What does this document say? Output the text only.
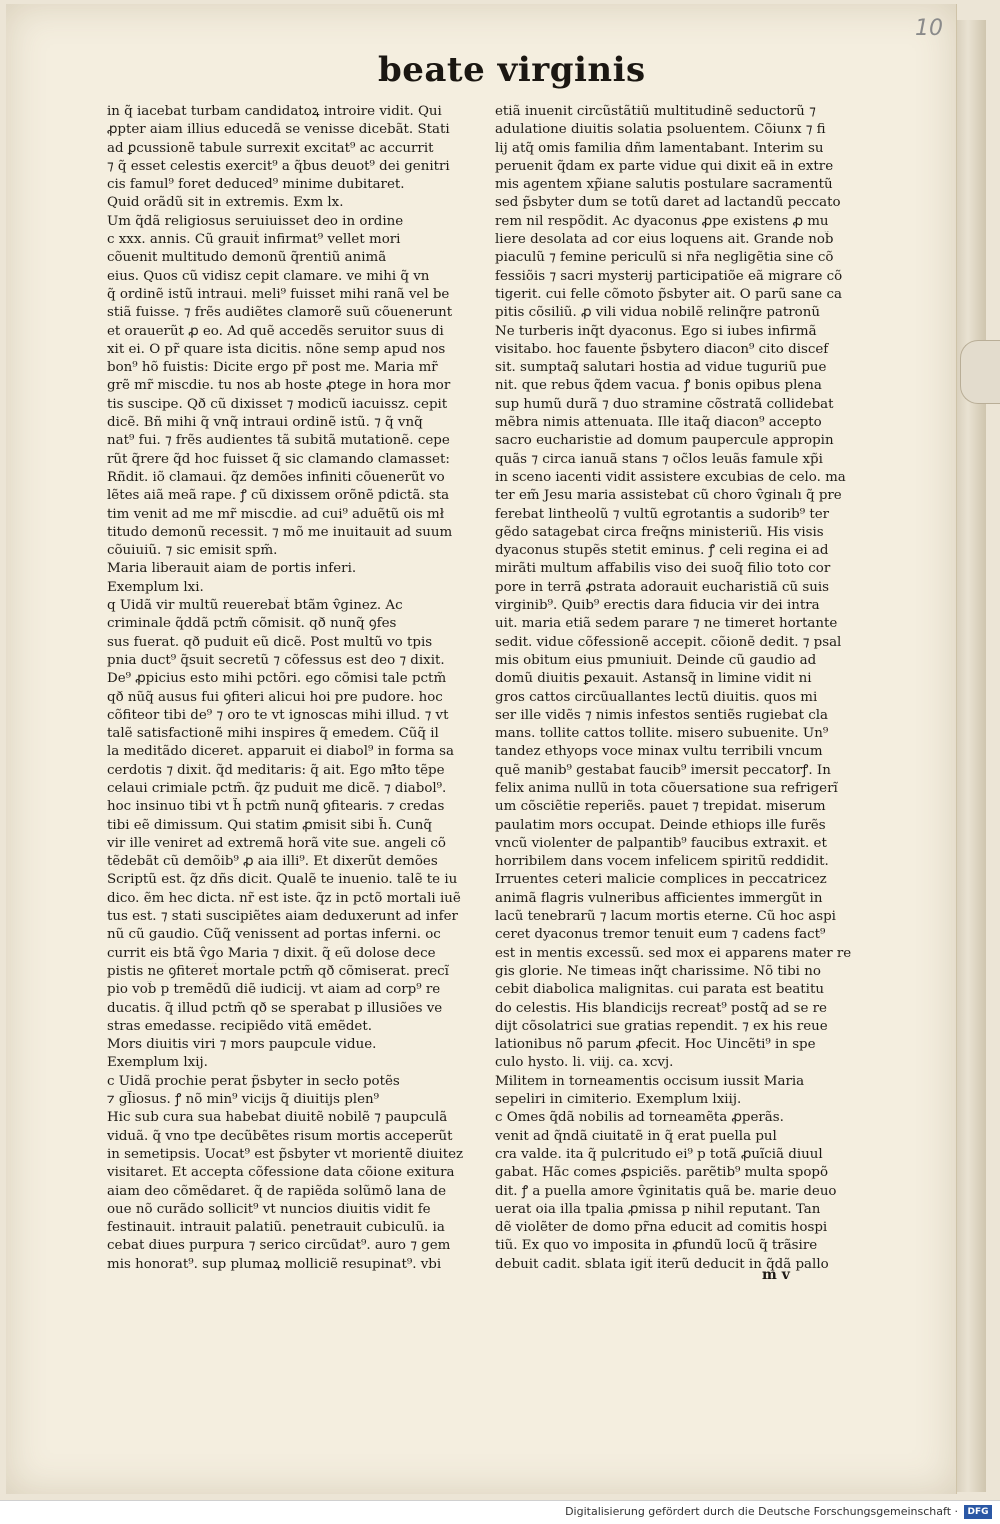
10
beate virginis
in q̃ iacebat turbam candidatoꝝ introire vidit. Qui
ꝓpter aiam illius educedã se venisse dicebãt. Stati
ad ꝑcussionẽ tabule surrexit excitat⁹ ac accurrit
⁊ q̃ esset celestis exercit⁹ a q̃bus deuot⁹ dei genitri
cis famul⁹ foret deduced⁹ minime dubitaret.
Quid orãdũ sit in extremis. Exm lx.
Um q̃dã religiosus seruiuisset deo in ordine
c xxx. annis. Cũ grauit̃ infirmat⁹ vellet mori
cõuenit multitudo demonũ q̃rentiũ animã
eius. Quos cũ vidisz cepit clamare. ve mihi q̃ vn
q̃ ordinẽ istũ intraui. meli⁹ fuisset mihi ranã vel be
stiã fuisse. ⁊ frẽs audiẽtes clamorẽ suũ cõuenerunt
et orauerũt ꝓ eo. Ad quẽ accedẽs seruitor suus di
xit ei. O pr̃ quare ista dicitis. nõne semp apud nos
bon⁹ hõ fuistis: Dicite ergo pr̃ post me. Maria mr̃
grẽ mr̃ miscdie. tu nos ab hoste ꝓtege in hora mor
tis suscipe. Qð cũ dixisset ⁊ modicũ iacuissz. cepit
dicẽ. Bñ mihi q̃ vnq̃ intraui ordinẽ istũ. ⁊ q̃ vnq̃
nat⁹ fui. ⁊ frẽs audientes tã subitã mutationẽ. cepe
rũt q̃rere q̃d hoc fuisset q̃ sic clamando clamasset:
Rñdit. iõ clamaui. q̃z demões infiniti cõuenerũt vo
lẽtes aiã meã rape. ꝭ cũ dixissem orõnẽ pdictã. sta
tim venit ad me mr̃ miscdie. ad cui⁹ aduẽtũ ois mł
titudo demonũ recessit. ⁊ mõ me inuitauit ad suum
cõuiuiũ. ⁊ sic emisit spm̃.
Maria liberauit aiam de portis inferi.
Exemplum lxi.
q Uidã vir multũ reuerebat̃ btãm v̑ginez. Ac
criminale q̃ddã pctm̃ cõmisit. qð nunq̃ ꝯfes
sus fuerat. qð puduit eũ dicẽ. Post multũ vo tpis
pnia duct⁹ q̃suit secretũ ⁊ cõfessus est deo ⁊ dixit.
De⁹ ꝓpicius esto mihi pctõri. ego cõmisi tale pctm̃
qð nũq̃ ausus fui ꝯfiteri alicui hoi pre pudore. hoc
cõfiteor tibi de⁹ ⁊ oro te vt ignoscas mihi illud. ⁊ vt
talẽ satisfactionẽ mihi inspires q̃ emedem. Cũq̃ il
la meditãdo diceret. apparuit ei diabol⁹ in forma sa
cerdotis ⁊ dixit. q̃d meditaris: q̃ ait. Ego mł̃to tẽpe
celaui crimiale pctm̃. q̃z puduit me dicẽ. ⁊ diabol⁹.
hoc insinuo tibi vt h̃ pctm̃ nunq̃ ꝯfitearis. ⁊ credas
tibi eẽ dimissum. Qui statim ꝓmisit sibi h̃. Cunq̃
vir ille veniret ad extremã horã vite sue. angeli cõ
tẽdebãt cũ demõib⁹ ꝓ aia illi⁹. Et dixerũt demões
Scriptũ est. q̃z dñs dicit. Qualẽ te inuenio. talẽ te iu
dico. ẽm hec dicta. nr̃ est iste. q̃z in pctõ mortali iuẽ
tus est. ⁊ stati suscipiẽtes aiam deduxerunt ad infer
nũ cũ gaudio. Cũq̃ venissent ad portas inferni. oc
currit eis btã v̑go Maria ⁊ dixit. q̃ eũ dolose dece
pistis ne ꝯfiteret̃ mortale pctm̃ qð cõmiserat. precĩ
pio vob̃ p tremẽdũ diẽ iudicij. vt aiam ad corp⁹ re
ducatis. q̃ illud pctm̃ qð se sperabat p illusiões ve
stras emedasse. recipiẽdo vitã emẽdet.
Mors diuitis viri ⁊ mors paupcule vidue.
Exemplum lxij.
c Uidã prochie perat p̃sbyter in secło potẽs
⁊ gl̃iosus. ꝭ nõ min⁹ vicijs q̃ diuitijs plen⁹
Hic sub cura sua habebat diuitẽ nobilẽ ⁊ paupculã
viduã. q̃ vno tpe decũbẽtes risum mortis acceperũt
in semetipsis. Uocat⁹ est p̃sbyter vt morientẽ diuitez
visitaret. Et accepta cõfessione data cõione exitura
aiam deo cõmẽdaret. q̃ de rapiẽda solũmõ lana de
oue nõ curãdo sollicit⁹ vt nuncios diuitis vidit fe
festinauit. intrauit palatiũ. penetrauit cubiculũ. ia
cebat diues purpura ⁊ serico circũdat⁹. auro ⁊ gem
mis honorat⁹. sup plumaꝝ molliciẽ resupinat⁹. vbi
etiã inuenit circũstãtiũ multitudinẽ seductorũ ⁊
adulatione diuitis solatia psoluentem. Cõiunx ⁊ fi
lij atq̃ omis familia dñm lamentabant. Interim su
peruenit q̃dam ex parte vidue qui dixit eã in extre
mis agentem xp̃iane salutis postulare sacramentũ
sed p̃sbyter dum se totũ daret ad lactandũ peccato
rem nil respõdit. Ac dyaconus ꝓpe existens ꝓ mu
liere desolata ad cor eius loquens ait. Grande nob̃
piaculũ ⁊ femine periculũ si nr̃a negligẽtia sine cõ
fessiõis ⁊ sacri mysterij participatiõe eã migrare cõ
tigerit. cui felle cõmoto p̃sbyter ait. O parũ sane ca
pitis cõsiliũ. ꝓ vili vidua nobilẽ relinq̃re patronũ
Ne turberis inq̃t dyaconus. Ego si iubes infirmã
visitabo. hoc fauente p̃sbytero diacon⁹ cito discef
sit. sumptaq̃ salutari hostia ad vidue tuguriũ pue
nit. que rebus q̃dem vacua. ꝭ bonis opibus plena
sup humũ durã ⁊ duo stramine cõstratã collidebat
mẽbra nimis attenuata. Ille itaq̃ diacon⁹ accepto
sacro eucharistie ad domum paupercule appropin
quãs ⁊ circa ianuã stans ⁊ oc̃los leuãs famule xp̃i
in sceno iacenti vidit assistere excubias de celo. ma
ter em̃ Jesu maria assistebat cũ choro v̑ginalı q̃ pre
ferebat lintheolũ ⁊ vultũ egrotantis a sudorib⁹ ter
gẽdo satagebat circa freq̃ns ministeriũ. His visis
dyaconus stupẽs stetit eminus. ꝭ celi regina ei ad
mirãti multum affabilis viso dei suoq̃ filio toto cor
pore in terrã ꝓstrata adorauit eucharistiã cũ suis
virginib⁹. Quib⁹ erectis dara fiducia vir dei intra
uit. maria etiã sedem parare ⁊ ne timeret hortante
sedit. vidue cõfessionẽ accepit. cõionẽ dedit. ⁊ psal
mis obitum eius pmuniuit. Deinde cũ gaudio ad
domũ diuitis ꝑexauit. Astansq̃ in limine vidit ni
gros cattos circũuallantes lectũ diuitis. quos mi
ser ille vidẽs ⁊ nimis infestos sentiẽs rugiebat cla
mans. tollite cattos tollite. misero subuenite. Un⁹
tandez ethyops voce minax vultu terribili vncum
quẽ manib⁹ gestabat faucib⁹ imersit peccatorꝭ. In
felix anima nullũ in tota cõuersatione sua refrigerĩ
um cõsciẽtie reperiẽs. pauet ⁊ trepidat. miserum
paulatim mors occupat. Deinde ethiops ille furẽs
vncũ violenter de palpantib⁹ faucibus extraxit. et
horribilem dans vocem infelicem spiritũ reddidit.
Irruentes ceteri malicie complices in peccatricez
animã flagris vulneribus afficientes immergũt in
lacũ tenebrarũ ⁊ lacum mortis eterne. Cũ hoc aspi
ceret dyaconus tremor tenuit eum ⁊ cadens fact⁹
est in mentis excessũ. sed mox ei apparens mater re
gis glorie. Ne timeas inq̃t charissime. Nõ tibi no
cebit diabolica malignitas. cui parata est beatitu
do celestis. His blandicijs recreat⁹ postq̃ ad se re
dijt cõsolatrici sue gratias rependit. ⁊ ex his reue
lationibus nõ parum ꝓfecit. Hoc Uincẽti⁹ in spe
culo hysto. li. viij. ca. xcvj.
Militem in torneamentis occisum iussit Maria
sepeliri in cimiterio. Exemplum lxiij.
c Omes q̃dã nobilis ad torneamẽta ꝓperãs.
venit ad q̃ndã ciuitatẽ in q̃ erat puella pul
cra valde. ita q̃ pulcritudo ei⁹ p totã ꝓuĩciã diuul
gabat. Hãc comes ꝓspiciẽs. parẽtib⁹ multa spopõ
dit. ꝭ a puella amore v̑ginitatis quã be. marie deuo
uerat oia illa tpalia ꝓmissa p nihil reputant. Tan
dẽ violẽter de domo pr̃na educit ad comitis hospi
tiũ. Ex quo vo imposita in ꝓfundũ locũ q̃ trãsire
debuit cadit. sblata igit̃ iterũ deducit in q̃dã pallo
m v
Digitalisierung gefördert durch die Deutsche Forschungsgemeinschaft ·	DFG
